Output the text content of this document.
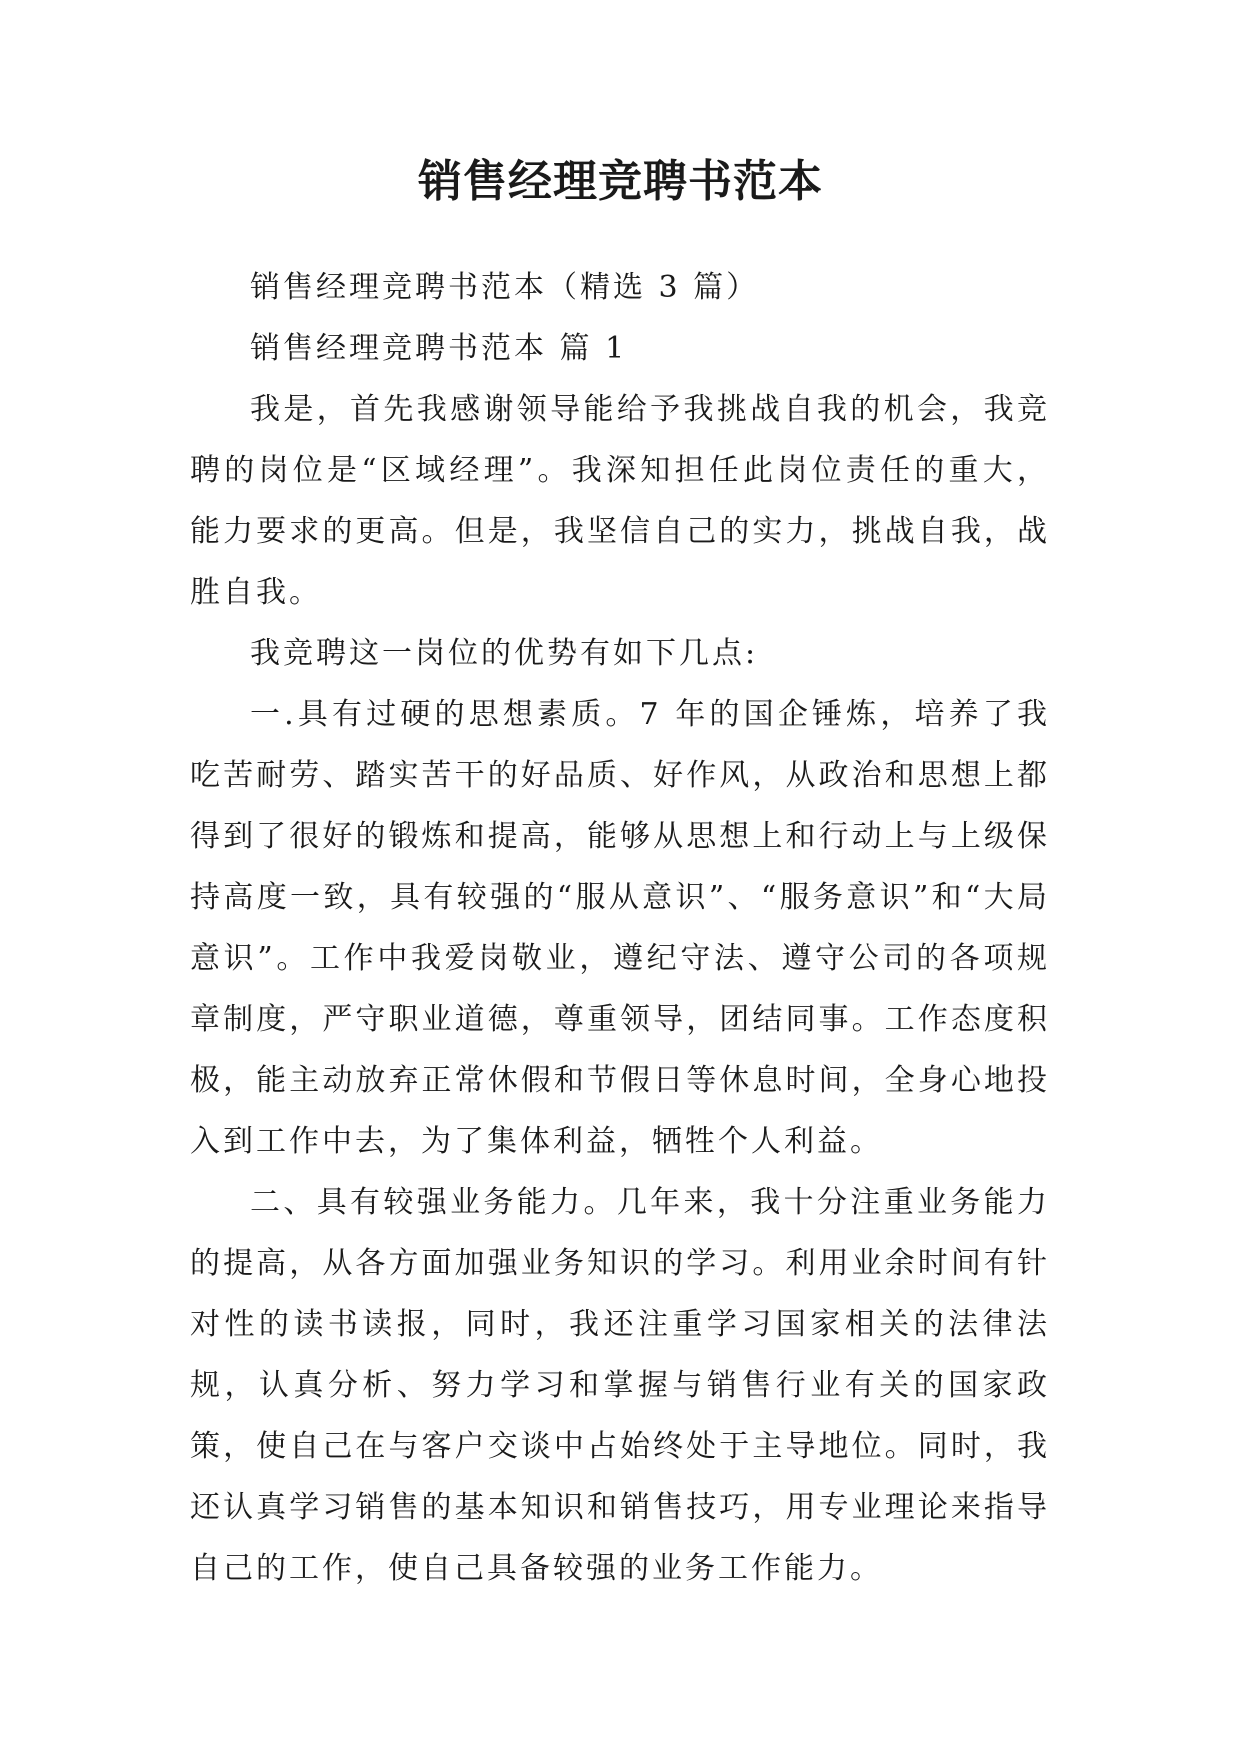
销售经理竞聘书范本

销售经理竞聘书范本（精选 3 篇）

销售经理竞聘书范本 篇 1

我是，首先我感谢领导能给予我挑战自我的机会，我竞聘的岗位是“区域经理”。我深知担任此岗位责任的重大，能力要求的更高。但是，我坚信自己的实力，挑战自我，战胜自我。

我竞聘这一岗位的优势有如下几点:

一.具有过硬的思想素质。7 年的国企锤炼，培养了我吃苦耐劳、踏实苦干的好品质、好作风，从政治和思想上都得到了很好的锻炼和提高，能够从思想上和行动上与上级保持高度一致，具有较强的“服从意识”、“服务意识”和“大局意识”。工作中我爱岗敬业，遵纪守法、遵守公司的各项规章制度，严守职业道德，尊重领导，团结同事。工作态度积极，能主动放弃正常休假和节假日等休息时间，全身心地投入到工作中去，为了集体利益，牺牲个人利益。

二、具有较强业务能力。几年来，我十分注重业务能力的提高，从各方面加强业务知识的学习。利用业余时间有针对性的读书读报，同时，我还注重学习国家相关的法律法规，认真分析、努力学习和掌握与销售行业有关的国家政策，使自己在与客户交谈中占始终处于主导地位。同时，我还认真学习销售的基本知识和销售技巧，用专业理论来指导自己的工作，使自己具备较强的业务工作能力。
